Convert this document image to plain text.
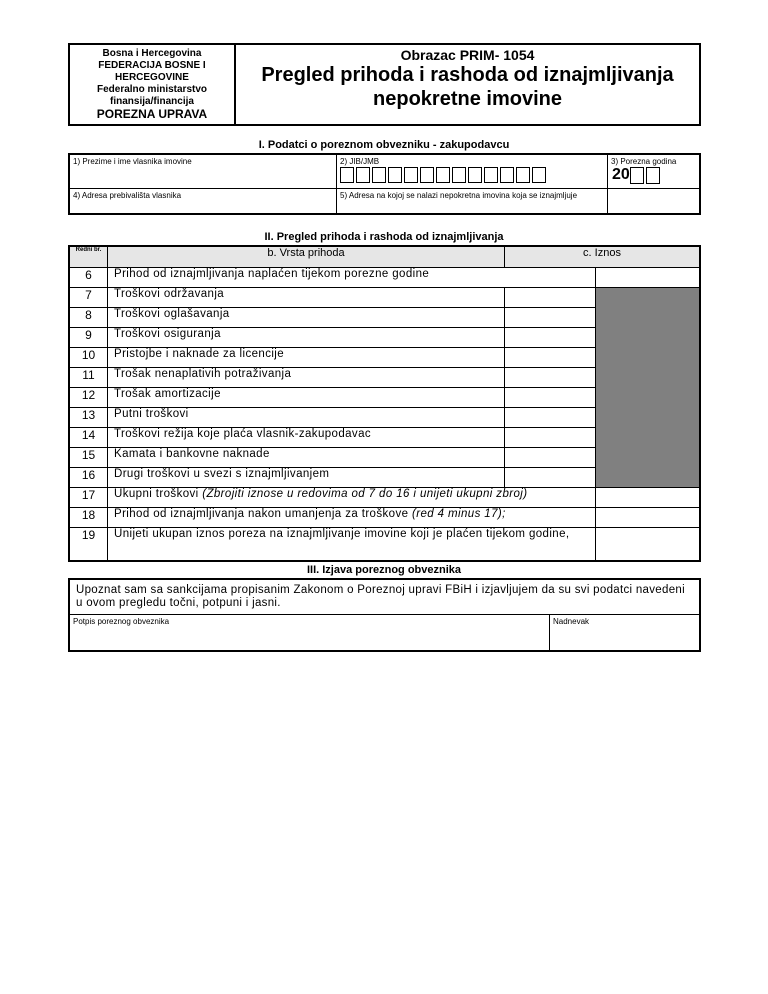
Bosna i Hercegovina
FEDERACIJA BOSNE I HERCEGOVINE
Federalno ministarstvo finansija/financija
POREZNA UPRAVA
Obrazac PRIM- 1054
Pregled prihoda i rashoda od iznajmljivanja
nepokretne imovine
I. Podatci o poreznom obvezniku - zakupodavcu
1) Prezime i ime vlasnika imovine	2) JIB/JMB	3) Porezna godina
20

4) Adresa prebivališta vlasnika	5) Adresa na kojoj se nalazi nepokretna imovina koja se iznajmljuje	

II. Pregled prihoda i rashoda od iznajmljivanja
Redni br.	b. Vrsta prihoda	c. Iznos	
6	Prihod od iznajmljivanja naplaćen tijekom porezne godine		
7	Troškovi održavanja		
8	Troškovi oglašavanja		
9	Troškovi osiguranja		
10	Pristojbe i naknade za licencije		
11	Trošak nenaplativih potraživanja		
12	Trošak amortizacije		
13	Putni troškovi		
14	Troškovi režija koje plaća vlasnik-zakupodavac		
15	Kamata i bankovne naknade		
16	Drugi troškovi u svezi s iznajmljivanjem		
17	Ukupni troškovi (Zbrojiti iznose u redovima od 7 do 16 i unijeti ukupni zbroj)		
18	Prihod od iznajmljivanja nakon umanjenja za troškove (red 4 minus 17);		
19	Unijeti ukupan iznos poreza na iznajmljivanje imovine koji je plaćen tijekom godine,		
III. Izjava poreznog obveznika
Upoznat sam sa sankcijama propisanim Zakonom o Poreznoj upravi FBiH i izjavljujem da su svi podatci navedeni u ovom pregledu točni, potpuni i jasni.
Potpis poreznog obveznika	Nadnevak
